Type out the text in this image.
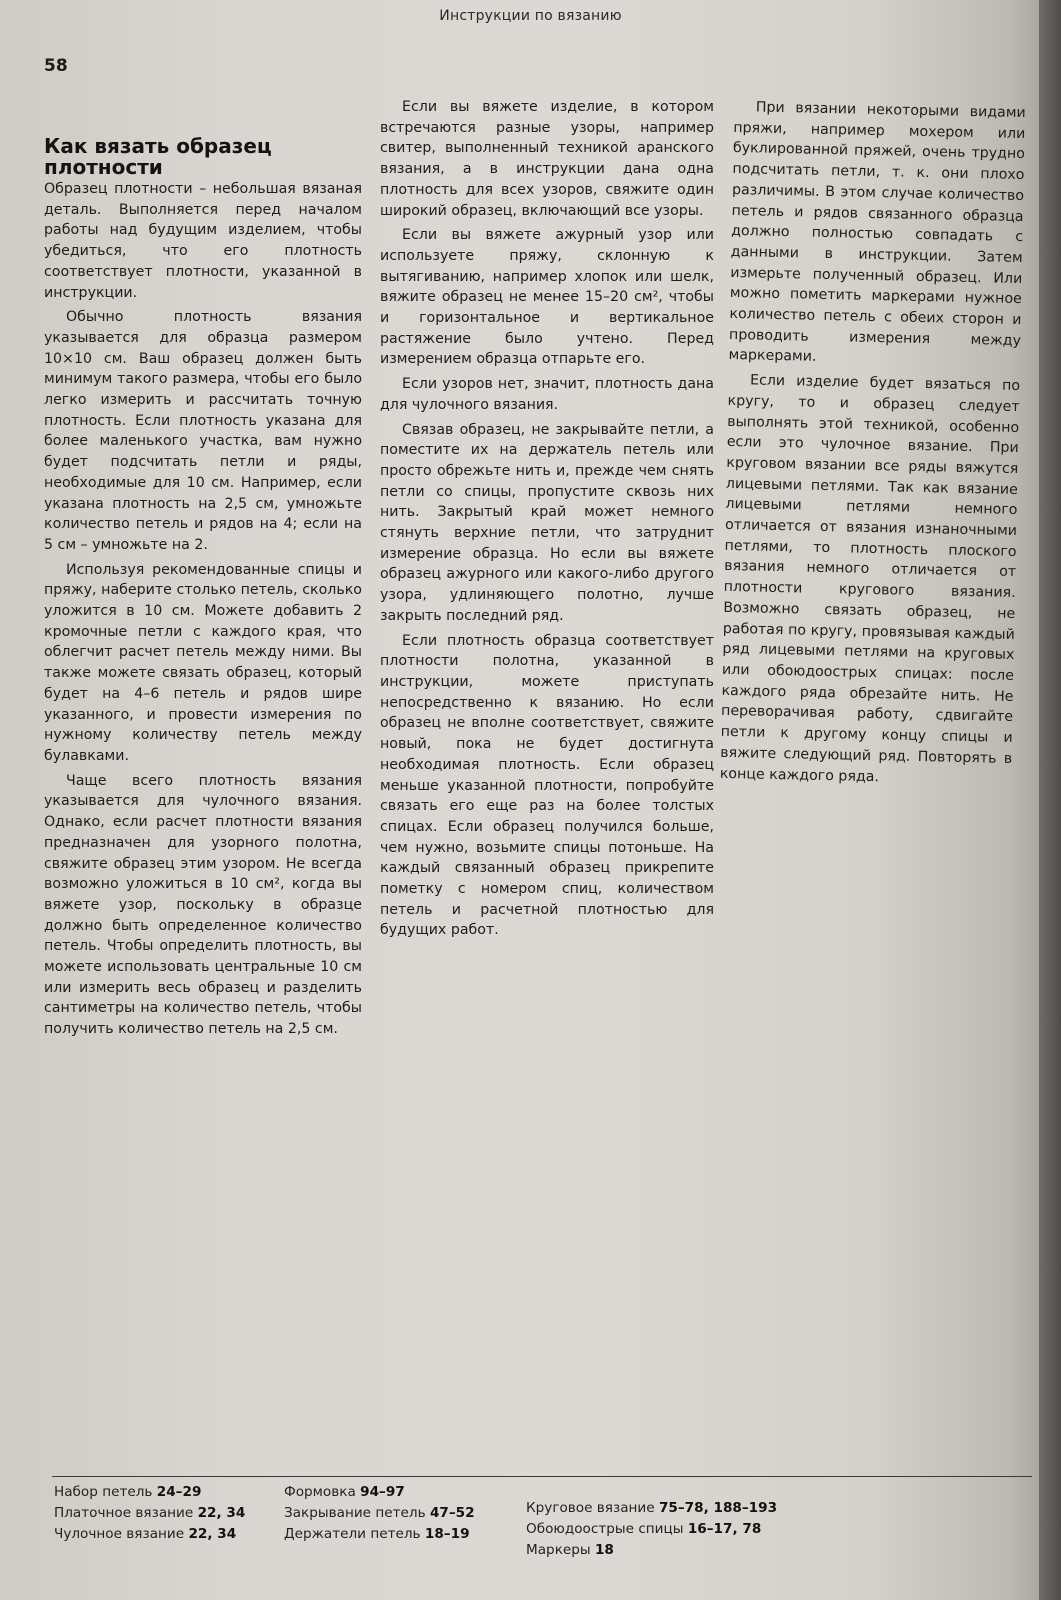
Инструкции по вязанию
58
Как вязать образец
плотности

Образец плотности – небольшая вязаная деталь. Выполняется перед началом работы над будущим изделием, чтобы убедиться, что его плотность соответствует плотности, указанной в инструкции.

Обычно плотность вязания указывается для образца размером 10×10 см. Ваш образец должен быть минимум такого размера, чтобы его было легко измерить и рассчитать точную плотность. Если плотность указана для более маленького участка, вам нужно будет подсчитать петли и ряды, необходимые для 10 см. Например, если указана плотность на 2,5 см, умножьте количество петель и рядов на 4; если на 5 см – умножьте на 2.

Используя рекомендованные спицы и пряжу, наберите столько петель, сколько уложится в 10 см. Можете добавить 2 кромочные петли с каждого края, что облегчит расчет петель между ними. Вы также можете связать образец, который будет на 4–6 петель и рядов шире указанного, и провести измерения по нужному количеству петель между булавками.

Чаще всего плотность вязания указывается для чулочного вязания. Однако, если расчет плотности вязания предназначен для узорного полотна, свяжите образец этим узором. Не всегда возможно уложиться в 10 см², когда вы вяжете узор, поскольку в образце должно быть определенное количество петель. Чтобы определить плотность, вы можете использовать центральные 10 см или измерить весь образец и разделить сантиметры на количество петель, чтобы получить количество петель на 2,5 см.

Если вы вяжете изделие, в котором встречаются разные узоры, например свитер, выполненный техникой аранского вязания, а в инструкции дана одна плотность для всех узоров, свяжите один широкий образец, включающий все узоры.

Если вы вяжете ажурный узор или используете пряжу, склонную к вытягиванию, например хлопок или шелк, вяжите образец не менее 15–20 см², чтобы и горизонтальное и вертикальное растяжение было учтено. Перед измерением образца отпарьте его.

Если узоров нет, значит, плотность дана для чулочного вязания.

Связав образец, не закрывайте петли, а поместите их на держатель петель или просто обрежьте нить и, прежде чем снять петли со спицы, пропустите сквозь них нить. Закрытый край может немного стянуть верхние петли, что затруднит измерение образца. Но если вы вяжете образец ажурного или какого-либо другого узора, удлиняющего полотно, лучше закрыть последний ряд.

Если плотность образца соответствует плотности полотна, указанной в инструкции, можете приступать непосредственно к вязанию. Но если образец не вполне соответствует, свяжите новый, пока не будет достигнута необходимая плотность. Если образец меньше указанной плотности, попробуйте связать его еще раз на более толстых спицах. Если образец получился больше, чем нужно, возьмите спицы потоньше. На каждый связанный образец прикрепите пометку с номером спиц, количеством петель и расчетной плотностью для будущих работ.

При вязании некоторыми видами пряжи, например мохером или буклированной пряжей, очень трудно подсчитать петли, т. к. они плохо различимы. В этом случае количество петель и рядов связанного образца должно полностью совпадать с данными в инструкции. Затем измерьте полученный образец. Или можно пометить маркерами нужное количество петель с обеих сторон и проводить измерения между маркерами.

Если изделие будет вязаться по кругу, то и образец следует выполнять этой техникой, особенно если это чулочное вязание. При круговом вязании все ряды вяжутся лицевыми петлями. Так как вязание лицевыми петлями немного отличается от вязания изнаночными петлями, то плотность плоского вязания немного отличается от плотности кругового вязания. Возможно связать образец, не работая по кругу, провязывая каждый ряд лицевыми петлями на круговых или обоюдоострых спицах: после каждого ряда обрезайте нить. Не переворачивая работу, сдвигайте петли к другому концу спицы и вяжите следующий ряд. Повторять в конце каждого ряда.

Набор петель 24–29
Платочное вязание 22, 34
Чулочное вязание 22, 34
Формовка 94–97
Закрывание петель 47–52
Держатели петель 18–19
Круговое вязание 75–78, 188–193
Обоюдоострые спицы 16–17, 78
Маркеры 18
